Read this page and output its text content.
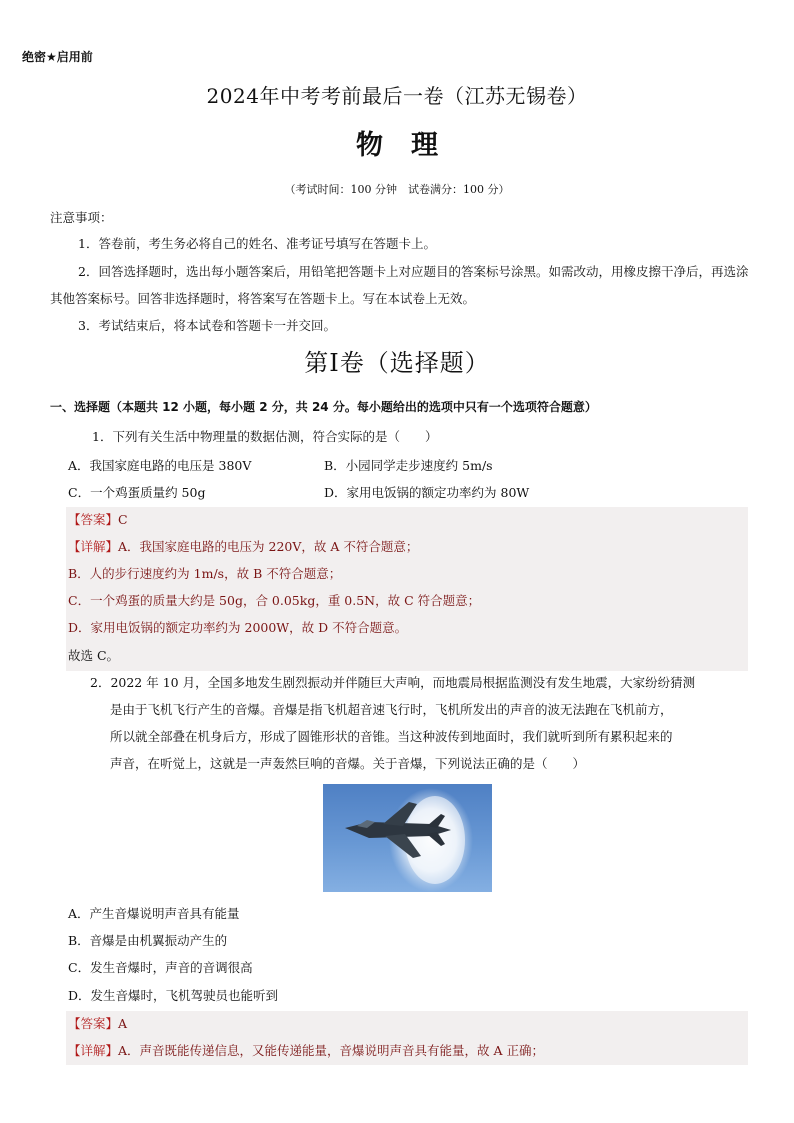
绝密★启用前
2024年中考考前最后一卷（江苏无锡卷）
物理
（考试时间：100 分钟　试卷满分：100 分）
注意事项：
1．答卷前，考生务必将自己的姓名、准考证号填写在答题卡上。
2．回答选择题时，选出每小题答案后，用铅笔把答题卡上对应题目的答案标号涂黑。如需改动，用橡皮擦干净后，再选涂其他答案标号。回答非选择题时，将答案写在答题卡上。写在本试卷上无效。
3．考试结束后，将本试卷和答题卡一并交回。
第Ⅰ卷（选择题）
一、选择题（本题共 12 小题，每小题 2 分，共 24 分。每小题给出的选项中只有一个选项符合题意）
1．下列有关生活中物理量的数据估测，符合实际的是（　　）
A．我国家庭电路的电压是 380V	B．小园同学走步速度约 5m/s
C．一个鸡蛋质量约 50g	D．家用电饭锅的额定功率约为 80W
【答案】C
【详解】A．我国家庭电路的电压为 220V，故 A 不符合题意；
B．人的步行速度约为 1m/s，故 B 不符合题意；
C．一个鸡蛋的质量大约是 50g，合 0.05kg，重 0.5N，故 C 符合题意；
D．家用电饭锅的额定功率约为 2000W，故 D 不符合题意。
故选 C。
2．2022 年 10 月，全国多地发生剧烈振动并伴随巨大声响，而地震局根据监测没有发生地震，大家纷纷猜测
是由于飞机飞行产生的音爆。音爆是指飞机超音速飞行时，飞机所发出的声音的波无法跑在飞机前方，
所以就全部叠在机身后方，形成了圆锥形状的音锥。当这种波传到地面时，我们就听到所有累积起来的
声音，在听觉上，这就是一声轰然巨响的音爆。关于音爆，下列说法正确的是（　　）
A．产生音爆说明声音具有能量
B．音爆是由机翼振动产生的
C．发生音爆时，声音的音调很高
D．发生音爆时，飞机驾驶员也能听到
【答案】A
【详解】A．声音既能传递信息，又能传递能量，音爆说明声音具有能量，故 A 正确；
